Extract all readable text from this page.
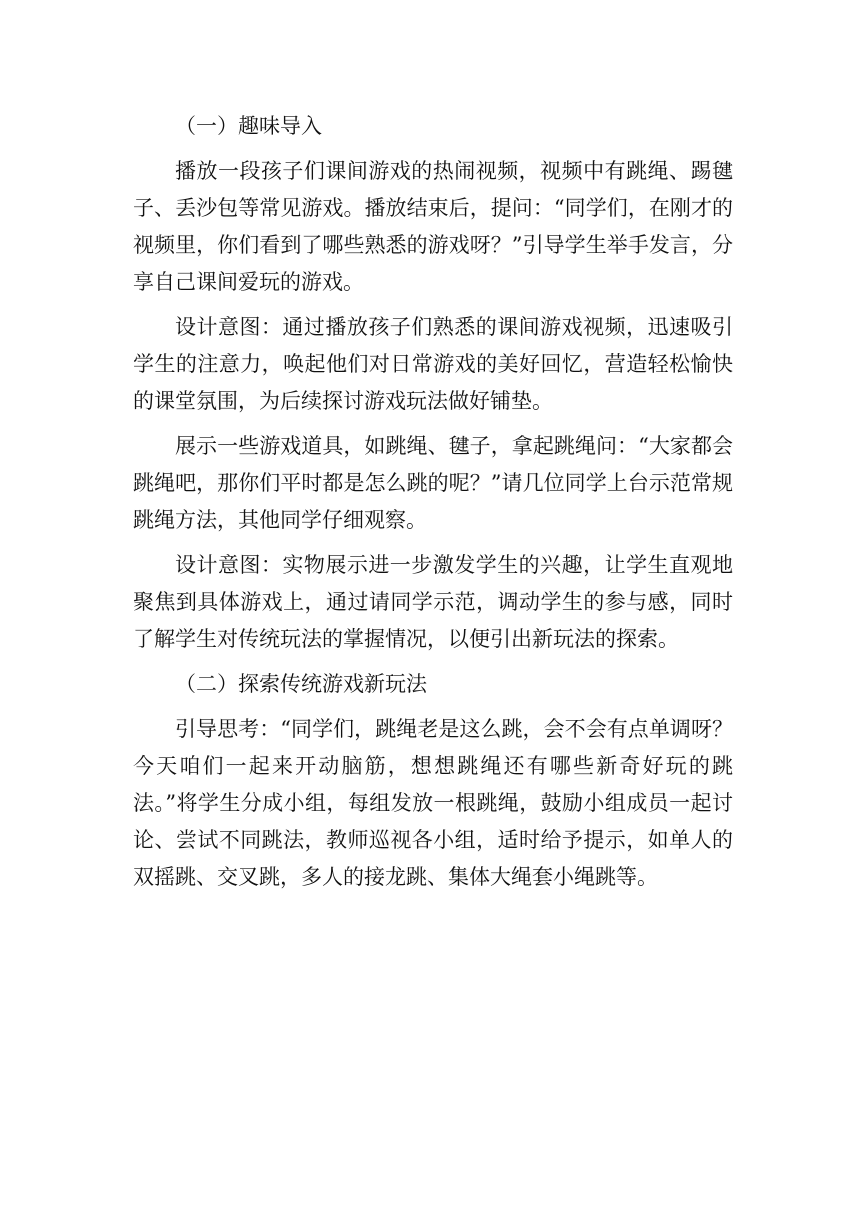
（一）趣味导入

播放一段孩子们课间游戏的热闹视频，视频中有跳绳、踢毽子、丢沙包等常见游戏。播放结束后，提问：“同学们，在刚才的视频里，你们看到了哪些熟悉的游戏呀？”引导学生举手发言，分享自己课间爱玩的游戏。

设计意图：通过播放孩子们熟悉的课间游戏视频，迅速吸引学生的注意力，唤起他们对日常游戏的美好回忆，营造轻松愉快的课堂氛围，为后续探讨游戏玩法做好铺垫。

展示一些游戏道具，如跳绳、毽子，拿起跳绳问：“大家都会跳绳吧，那你们平时都是怎么跳的呢？”请几位同学上台示范常规跳绳方法，其他同学仔细观察。

设计意图：实物展示进一步激发学生的兴趣，让学生直观地聚焦到具体游戏上，通过请同学示范，调动学生的参与感，同时了解学生对传统玩法的掌握情况，以便引出新玩法的探索。

（二）探索传统游戏新玩法

引导思考：“同学们，跳绳老是这么跳，会不会有点单调呀？今天咱们一起来开动脑筋，想想跳绳还有哪些新奇好玩的跳法。”将学生分成小组，每组发放一根跳绳，鼓励小组成员一起讨论、尝试不同跳法，教师巡视各小组，适时给予提示，如单人的双摇跳、交叉跳，多人的接龙跳、集体大绳套小绳跳等。
